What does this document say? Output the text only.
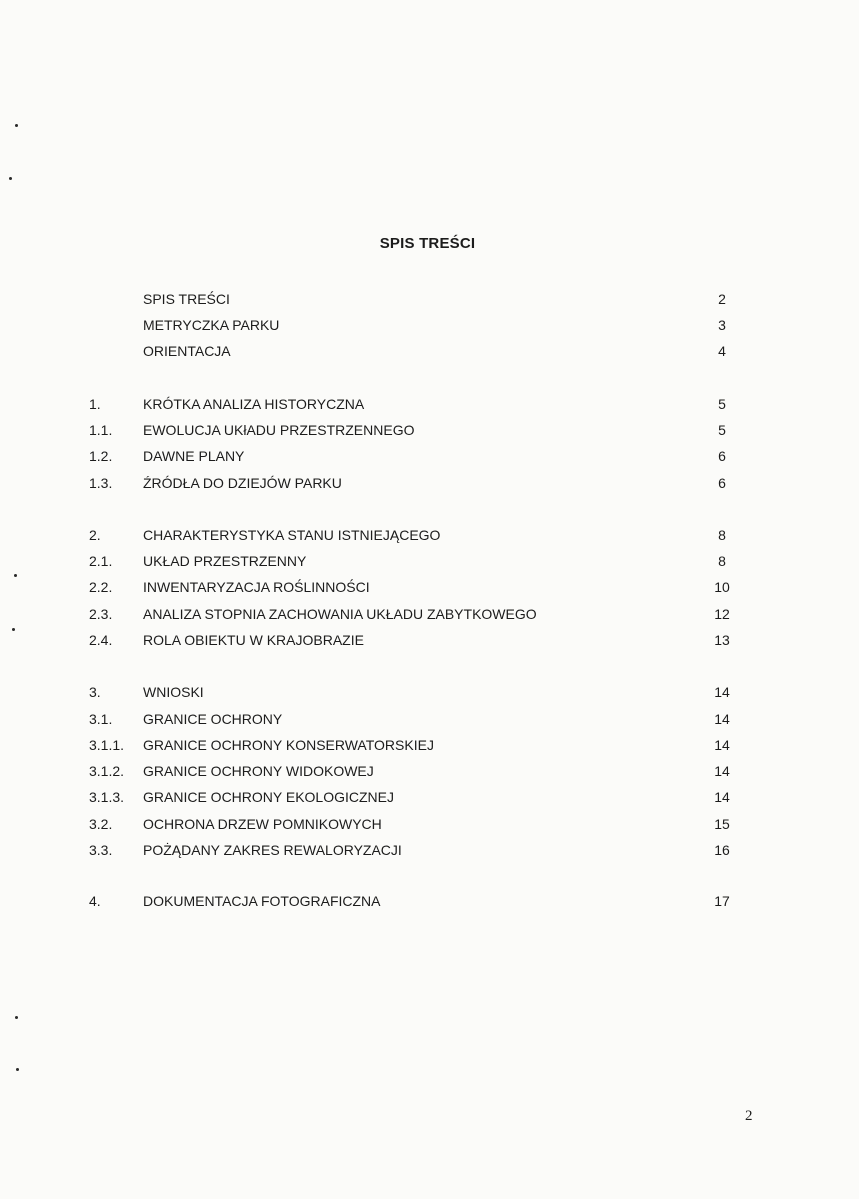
SPIS TREŚCI
SPIS TREŚCI	2
METRYCZKA PARKU	3
ORIENTACJA	4
1.	KRÓTKA ANALIZA HISTORYCZNA	5
1.1. EWOLUCJA UKłADU PRZESTRZENNEGO	5
1.2. DAWNE PLANY	6
1.3. ŹRÓDŁA DO DZIEJÓW PARKU	6
2.	CHARAKTERYSTYKA STANU ISTNIEJĄCEGO	8
2.1. UKŁAD PRZESTRZENNY	8
2.2. INWENTARYZACJA ROŚLINNOŚCI	10
2.3. ANALIZA STOPNIA ZACHOWANIA UKŁADU ZABYTKOWEGO	12
2.4. ROLA OBIEKTU W KRAJOBRAZIE	13
3.	WNIOSKI	14
3.1. GRANICE OCHRONY	14
3.1.1. GRANICE OCHRONY KONSERWATORSKIEJ	14
3.1.2. GRANICE OCHRONY WIDOKOWEJ	14
3.1.3. GRANICE OCHRONY EKOLOGICZNEJ	14
3.2. OCHRONA DRZEW POMNIKOWYCH	15
3.3. POŻĄDANY ZAKRES REWALORYZACJI	16
4.	DOKUMENTACJA FOTOGRAFICZNA	17
2
